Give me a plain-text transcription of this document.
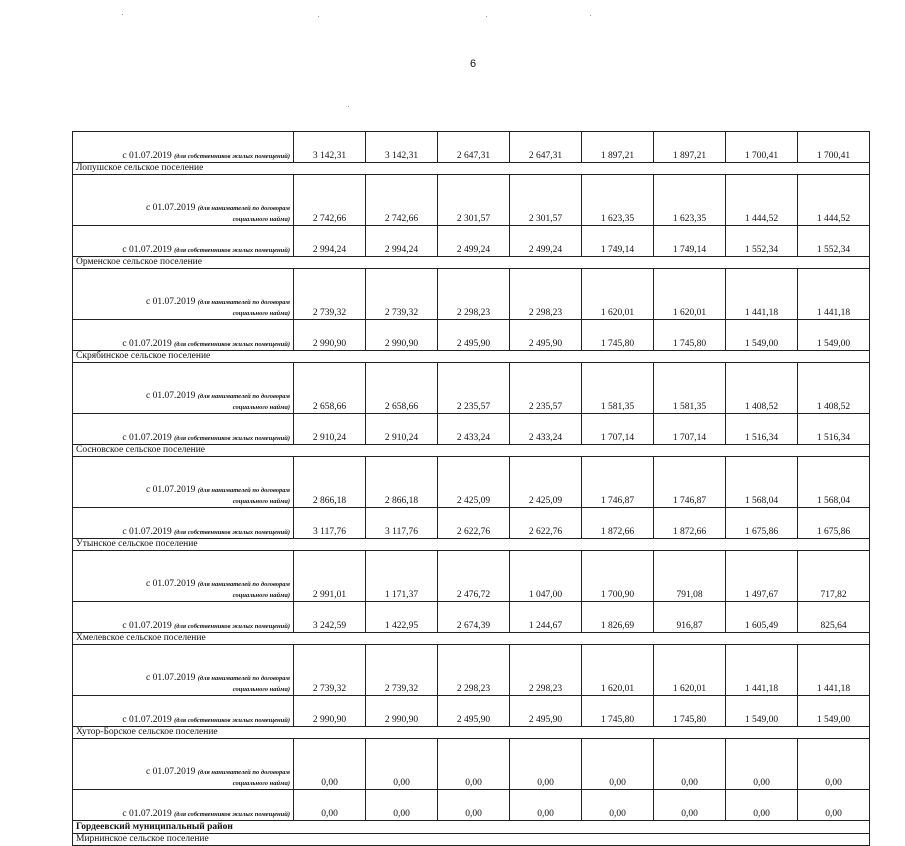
6
с 01.07.2019 (для собственников жилых помещений)	3 142,31	3 142,31	2 647,31	2 647,31	1 897,21	1 897,21	1 700,41	1 700,41
Лопушское сельское поселение								

с 01.07.2019 (для нанимателей по договорам
социального найма)	2 742,66	2 742,66	2 301,57	2 301,57	1 623,35	1 623,35	1 444,52	1 444,52
с 01.07.2019 (для собственников жилых помещений)	2 994,24	2 994,24	2 499,24	2 499,24	1 749,14	1 749,14	1 552,34	1 552,34
Орменское сельское поселение								

с 01.07.2019 (для нанимателей по договорам
социального найма)	2 739,32	2 739,32	2 298,23	2 298,23	1 620,01	1 620,01	1 441,18	1 441,18
с 01.07.2019 (для собственников жилых помещений)	2 990,90	2 990,90	2 495,90	2 495,90	1 745,80	1 745,80	1 549,00	1 549,00
Скрябинское сельское поселение								

с 01.07.2019 (для нанимателей по договорам
социального найма)	2 658,66	2 658,66	2 235,57	2 235,57	1 581,35	1 581,35	1 408,52	1 408,52
с 01.07.2019 (для собственников жилых помещений)	2 910,24	2 910,24	2 433,24	2 433,24	1 707,14	1 707,14	1 516,34	1 516,34
Сосновское сельское поселение								

с 01.07.2019 (для нанимателей по договорам
социального найма)	2 866,18	2 866,18	2 425,09	2 425,09	1 746,87	1 746,87	1 568,04	1 568,04
с 01.07.2019 (для собственников жилых помещений)	3 117,76	3 117,76	2 622,76	2 622,76	1 872,66	1 872,66	1 675,86	1 675,86
Утынское сельское поселение								

с 01.07.2019 (для нанимателей по договорам
социального найма)	2 991,01	1 171,37	2 476,72	1 047,00	1 700,90	791,08	1 497,67	717,82
с 01.07.2019 (для собственников жилых помещений)	3 242,59	1 422,95	2 674,39	1 244,67	1 826,69	916,87	1 605,49	825,64
Хмелевское сельское поселение								

с 01.07.2019 (для нанимателей по договорам
социального найма)	2 739,32	2 739,32	2 298,23	2 298,23	1 620,01	1 620,01	1 441,18	1 441,18
с 01.07.2019 (для собственников жилых помещений)	2 990,90	2 990,90	2 495,90	2 495,90	1 745,80	1 745,80	1 549,00	1 549,00
Хутор-Борское сельское поселение								

с 01.07.2019 (для нанимателей по договорам
социального найма)	0,00	0,00	0,00	0,00	0,00	0,00	0,00	0,00
с 01.07.2019 (для собственников жилых помещений)	0,00	0,00	0,00	0,00	0,00	0,00	0,00	0,00
Гордеевский муниципальный район								
Мирнинское сельское поселение								
